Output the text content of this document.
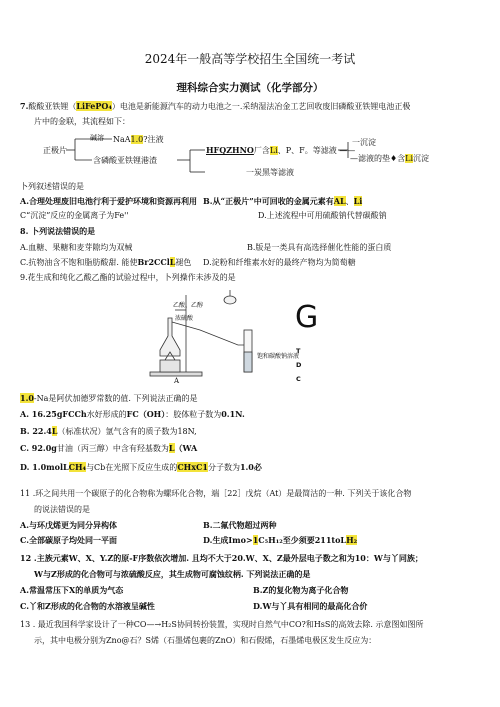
2024年一般高等学校招生全国统一考试
理科综合实力测试（化学部分）
7.酸酸亚铁锂（LiFePO₄）电池是新能源汽车的动力电池之一.采纳湿法冶金工艺回收废旧磷酸亚铁锂电池正极
片中的金联，其流程如下：
正极片
碱溶 NaA1.0?注液
含磷酸亚铁锂港渣
HFQZHNO厂含Li、P、F。等滤液 ——
一沉淀
—滤液的垫♦含Li沉淀
一炭黑等滤液
卜列叙述错误的是
A.合理处理废旧电池行利于爱护环境和资源再利用 B.从“正极片”中可回收的金属元素有AL、Li
C“沉淀”反应的金属离子为Fe''	D.上述流程中可用硫酸钠代替碳酸钠
8. 卜列说法错误的是
A.血糖、果糖和麦芽隙均为双械	B.版是一类具有高选择催化性能的蛋白质
C.抗物油含不饱和脂肪酸甜. 能使Br2CClL褪色 D.淀粉和纤维素水好的最终产物均为简萄糖
9.花生成和纯化乙酸乙酯的试验过程中，卜列操作未涉及的是
乙酸、乙醇
浓硫酸
饱和碳酸钠溶液
A
G
T
D
C
1.0-Na是阿伏加德罗常数的值. 下列说法正确的是
A. 16.25gFCCh水好形成的FC（OH）：胶体粒子数为0.1N.
B. 22.4L（标准状况）氩气含有的质子数为18N,
C. 92.0g甘油（丙三醇）中含有羟基数为L（WA
D. 1.0molLCH₄与Cb在光照下反应生成的CHxC1分子数为1.0必
11 .环之间共用一个碳原子的化合物称为螺环化合物，端［22］戊烷（At）是最简沽的一种. 下列关于该化合物
的说法错误的是
A.与环戊烯更为同分异构体	B.二氟代物超过两种
C.全部碳原子均处同一平面	D.生成Imo>1C₅H₁₂至少须要211toLH₂
12 .主族元素W、X、Y.Z的原-F序数依次增加. 且均不大于20.W、X、Z最外层电子数之和为10：W与丫同族；
W与Z形成的化合物可与浓硫酸反应，其生成物可腐蚀纹柄. 下列说法正确的是
A.常温常压下X的单质为气态	B.Z的复化物为离子化合物
C.丫和Z形成的化合物的水溶液呈碱性	D.W与丫具有相同的最高化合价
13 . 最近我国科学家设计了一种CO—→H₂S协同转扮装置，实现时自然气中CO?和HsS的高效去除. 示意图如图所
示，其中电极分别为Zno@石？S烯（石墨烯包裹的ZnO）和石假烯，石墨烯电极区发生反应为：
